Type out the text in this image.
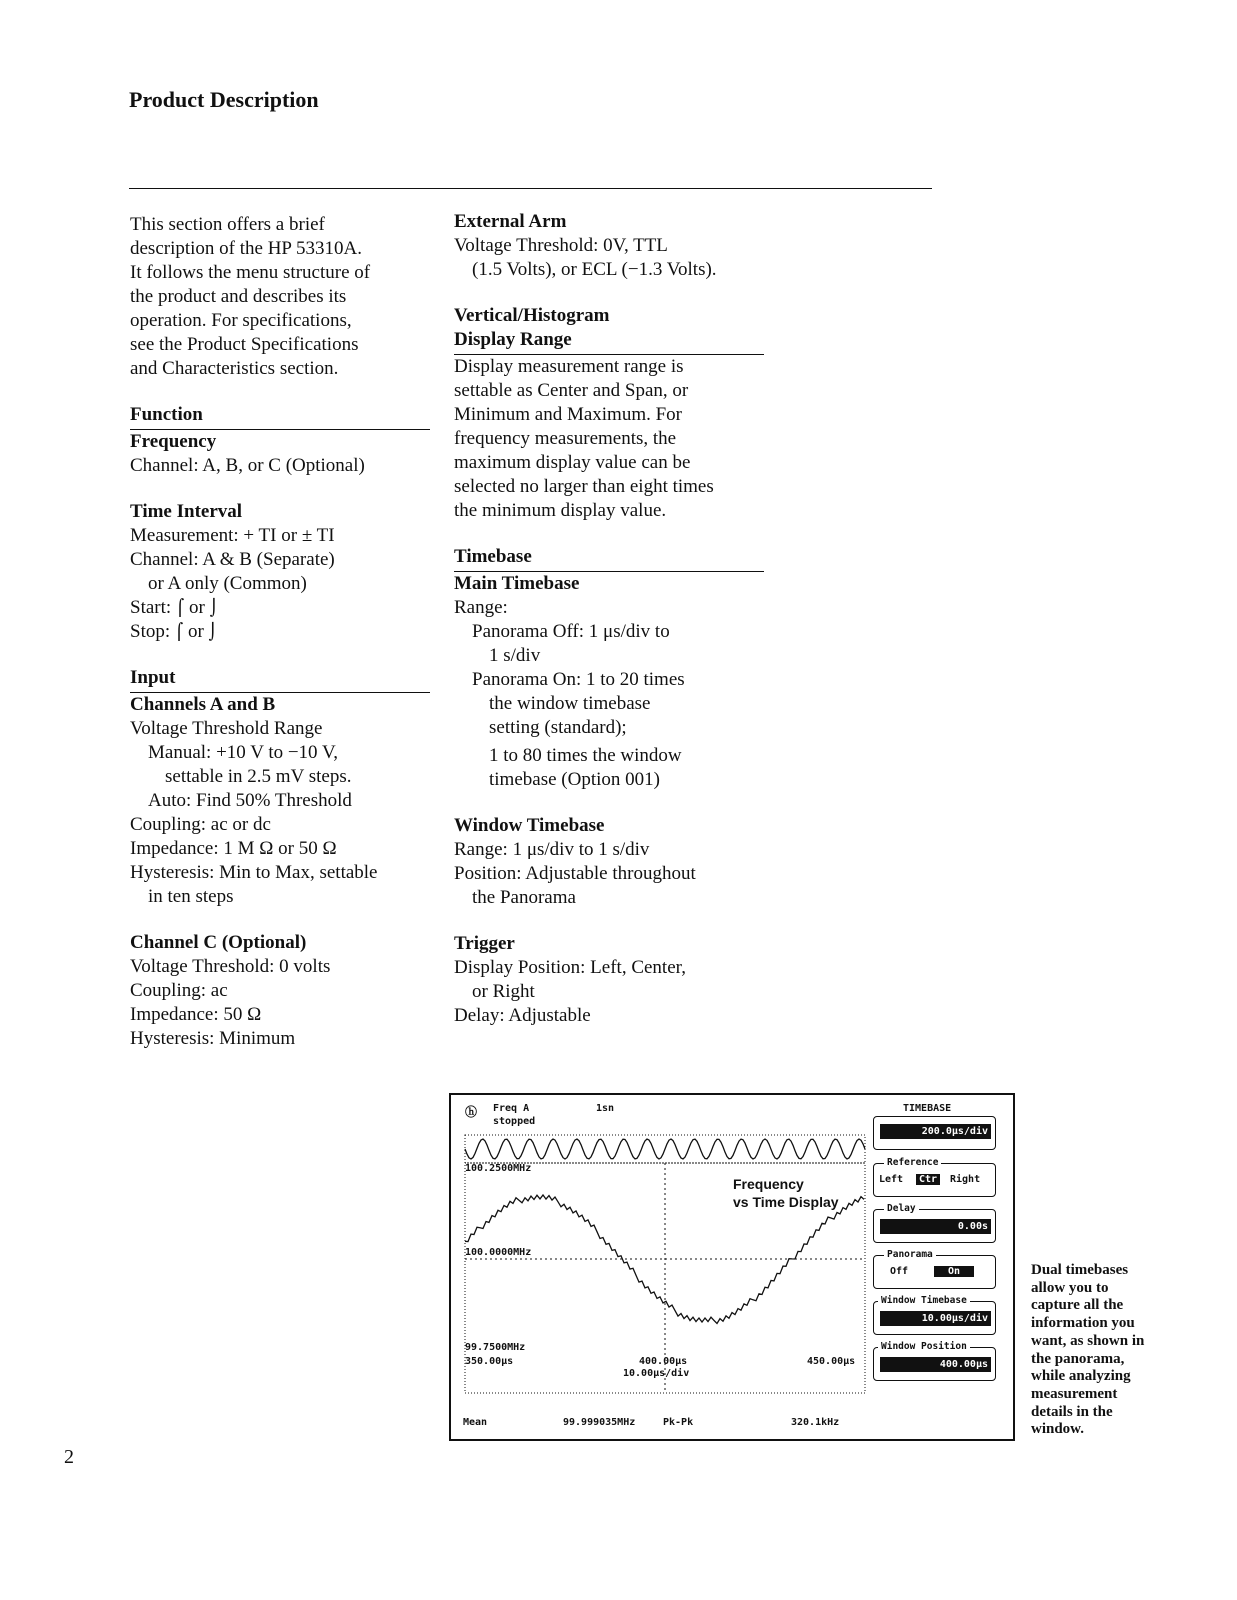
Product Description

This section offers a brief

description of the HP 53310A.

It follows the menu structure of

the product and describes its

operation. For specifications,

see the Product Specifications

and Characteristics section.

Function

Frequency

Channel: A, B, or C (Optional)

Time Interval

Measurement: + TI or ± TI

Channel: A & B (Separate)

or A only (Common)

Start: ⌠ or ⌡

Stop: ⌠ or ⌡

Input

Channels A and B

Voltage Threshold Range

Manual: +10 V to −10 V,

settable in 2.5 mV steps.

Auto: Find 50% Threshold

Coupling: ac or dc

Impedance: 1 M Ω or 50 Ω

Hysteresis: Min to Max, settable

in ten steps

Channel C (Optional)

Voltage Threshold: 0 volts

Coupling: ac

Impedance: 50 Ω

Hysteresis: Minimum

External Arm

Voltage Threshold: 0V, TTL

(1.5 Volts), or ECL (−1.3 Volts).

Vertical/Histogram

Display Range

Display measurement range is

settable as Center and Span, or

Minimum and Maximum. For

frequency measurements, the

maximum display value can be

selected no larger than eight times

the minimum display value.

Timebase

Main Timebase

Range:

Panorama Off: 1 μs/div to

1 s/div

Panorama On: 1 to 20 times

the window timebase

setting (standard);

1 to 80 times the window

timebase (Option 001)

Window Timebase

Range: 1 μs/div to 1 s/div

Position: Adjustable throughout

the Panorama

Trigger

Display Position: Left, Center,

or Right

Delay: Adjustable

ⓗ Freq A
stopped
1sn
100.2500MHz
100.0000MHz
99.7500MHz
350.00μs	400.00μs
10.00μs/div
450.00μs
Frequency
vs Time Display
Mean	99.999035MHz	Pk-Pk	320.1kHz
TIMEBASE
200.0μs/div
Reference
Left	Ctr	Right
Delay
0.00s
Panorama
Off	On
Window Timebase
10.00μs/div
Window Position
400.00μs
Dual timebases
allow you to
capture all the
information you
want, as shown in
the panorama,
while analyzing
measurement
details in the
window.
2
